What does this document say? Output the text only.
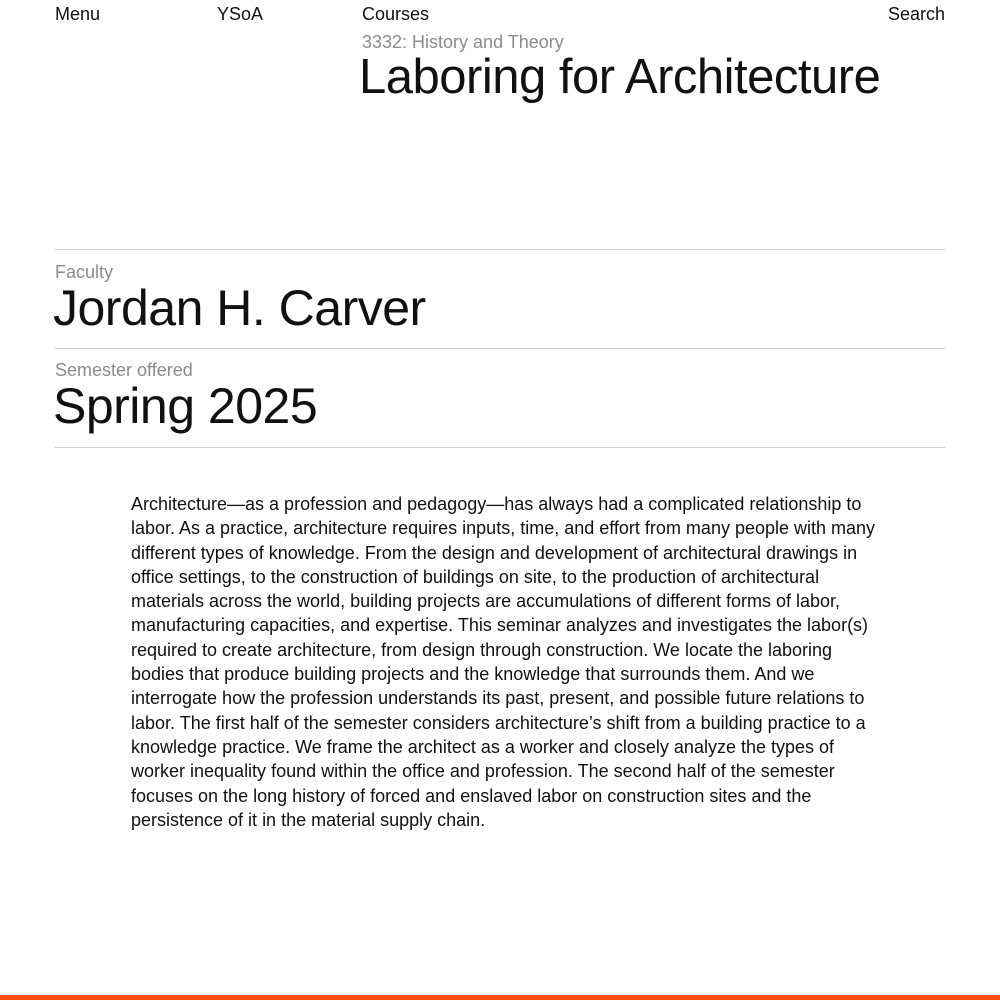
Menu	YSoA	Courses	Search
3332: History and Theory
Laboring for Architecture
Faculty
Jordan H. Carver
Semester offered
Spring 2025

Architecture—as a profession and pedagogy—has always had a complicated relationship to labor. As a practice, architecture requires inputs, time, and effort from many people with many different types of knowledge. From the design and development of architectural drawings in office settings, to the construction of buildings on site, to the production of architectural materials across the world, building projects are accumulations of different forms of labor, manufacturing capacities, and expertise. This seminar analyzes and investigates the labor(s) required to create architecture, from design through construction. We locate the laboring bodies that produce building projects and the knowledge that surrounds them. And we interrogate how the profession understands its past, present, and possible future relations to labor. The first half of the semester considers architecture’s shift from a building practice to a knowledge practice. We frame the architect as a worker and closely analyze the types of worker inequality found within the office and profession. The second half of the semester focuses on the long history of forced and enslaved labor on construction sites and the persistence of it in the material supply chain.
